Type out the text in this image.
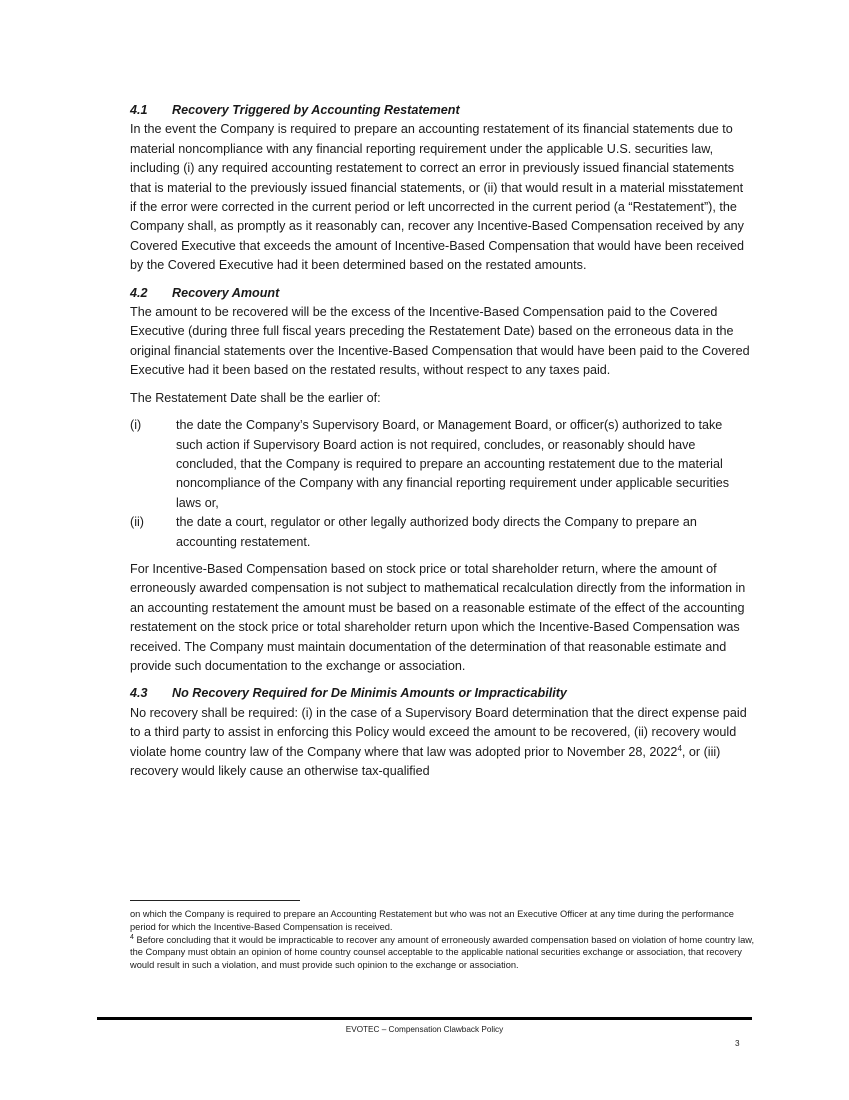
4.1 Recovery Triggered by Accounting Restatement

In the event the Company is required to prepare an accounting restatement of its financial statements due to material noncompliance with any financial reporting requirement under the applicable U.S. securities law, including (i) any required accounting restatement to correct an error in previously issued financial statements that is material to the previously issued financial statements, or (ii) that would result in a material misstatement if the error were corrected in the current period or left uncorrected in the current period (a “Restatement”), the Company shall, as promptly as it reasonably can, recover any Incentive-Based Compensation received by any Covered Executive that exceeds the amount of Incentive-Based Compensation that would have been received by the Covered Executive had it been determined based on the restated amounts.

4.2 Recovery Amount

The amount to be recovered will be the excess of the Incentive-Based Compensation paid to the Covered Executive (during three full fiscal years preceding the Restatement Date) based on the erroneous data in the original financial statements over the Incentive-Based Compensation that would have been paid to the Covered Executive had it been based on the restated results, without respect to any taxes paid.

The Restatement Date shall be the earlier of:

(i)	the date the Company’s Supervisory Board, or Management Board, or officer(s) authorized to take such action if Supervisory Board action is not required, concludes, or reasonably should have concluded, that the Company is required to prepare an accounting restatement due to the material noncompliance of the Company with any financial reporting requirement under applicable securities laws or,
(ii)	the date a court, regulator or other legally authorized body directs the Company to prepare an accounting restatement.

For Incentive-Based Compensation based on stock price or total shareholder return, where the amount of erroneously awarded compensation is not subject to mathematical recalculation directly from the information in an accounting restatement the amount must be based on a reasonable estimate of the effect of the accounting restatement on the stock price or total shareholder return upon which the Incentive-Based Compensation was received. The Company must maintain documentation of the determination of that reasonable estimate and provide such documentation to the exchange or association.

4.3 No Recovery Required for De Minimis Amounts or Impracticability

No recovery shall be required: (i) in the case of a Supervisory Board determination that the direct expense paid to a third party to assist in enforcing this Policy would exceed the amount to be recovered, (ii) recovery would violate home country law of the Company where that law was adopted prior to November 28, 2022$^4$, or (iii) recovery would likely cause an otherwise tax-qualified

on which the Company is required to prepare an Accounting Restatement but who was not an Executive Officer at any time during the performance period for which the Incentive-Based Compensation is received.
$^4$ Before concluding that it would be impracticable to recover any amount of erroneously awarded compensation based on violation of home country law, the Company must obtain an opinion of home country counsel acceptable to the applicable national securities exchange or association, that recovery would result in such a violation, and must provide such opinion to the exchange or association.
EVOTEC – Compensation Clawback Policy
3
